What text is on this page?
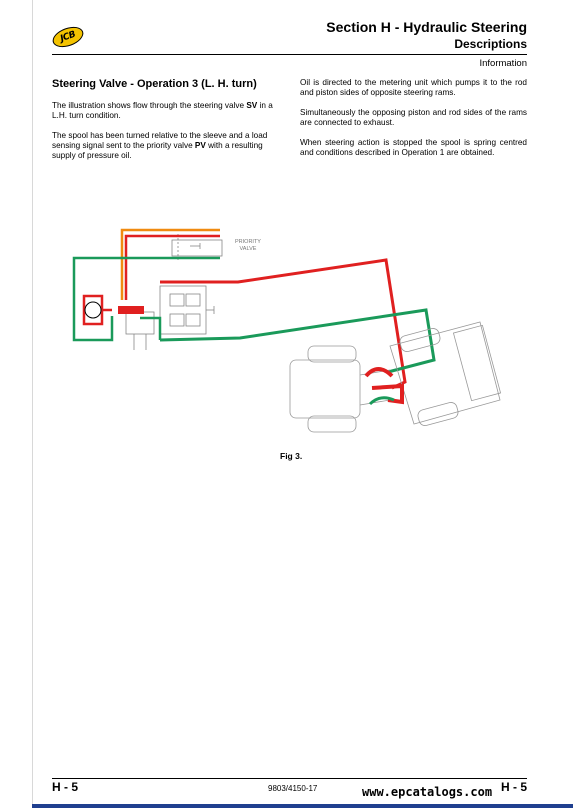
JCB
Section H - Hydraulic Steering
Descriptions
Information

Steering Valve - Operation 3 (L. H. turn)

The illustration shows flow through the steering valve SV in a L.H. turn condition.

The spool has been turned relative to the sleeve and a load sensing signal sent to the priority valve PV with a resulting supply of pressure oil.

Oil is directed to the metering unit which pumps it to the rod and piston sides of opposite steering rams.

Simultaneously the opposing piston and rod sides of the rams are connected to exhaust.

When steering action is stopped the spool is spring centred and conditions described in Operation 1 are obtained.

PRIORITY
VALVE
Fig 3.
H - 5	9803/4150-17	H - 5
www.epcatalogs.com
